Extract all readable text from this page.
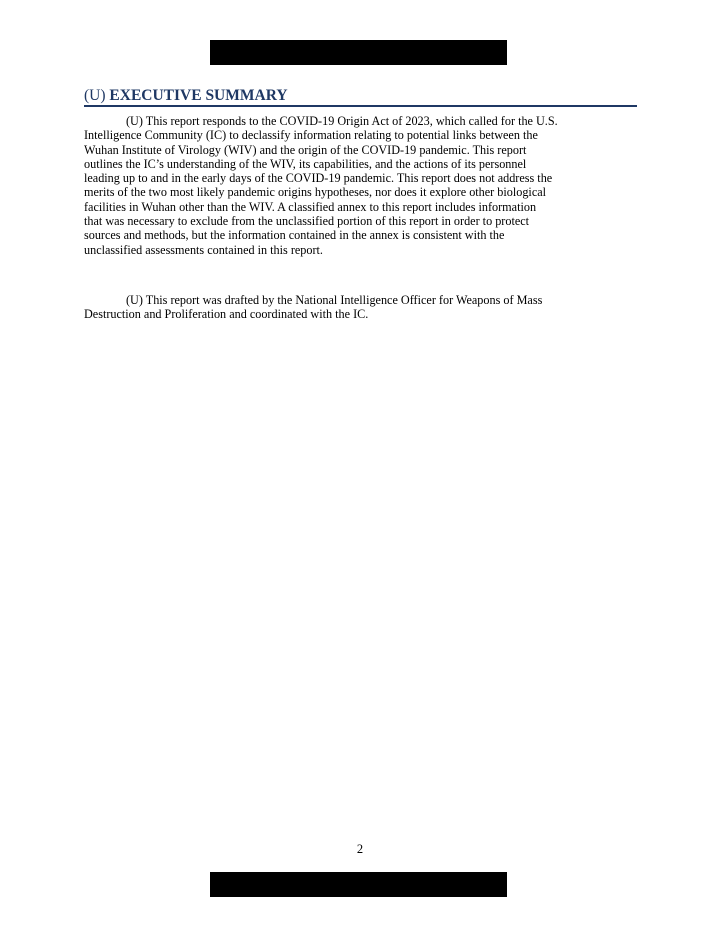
(U) EXECUTIVE SUMMARY

(U) This report responds to the COVID-19 Origin Act of 2023, which called for the U.S.
Intelligence Community (IC) to declassify information relating to potential links between the
Wuhan Institute of Virology (WIV) and the origin of the COVID-19 pandemic. This report
outlines the IC’s understanding of the WIV, its capabilities, and the actions of its personnel
leading up to and in the early days of the COVID-19 pandemic. This report does not address the
merits of the two most likely pandemic origins hypotheses, nor does it explore other biological
facilities in Wuhan other than the WIV. A classified annex to this report includes information
that was necessary to exclude from the unclassified portion of this report in order to protect
sources and methods, but the information contained in the annex is consistent with the
unclassified assessments contained in this report.

(U) This report was drafted by the National Intelligence Officer for Weapons of Mass
Destruction and Proliferation and coordinated with the IC.

2
